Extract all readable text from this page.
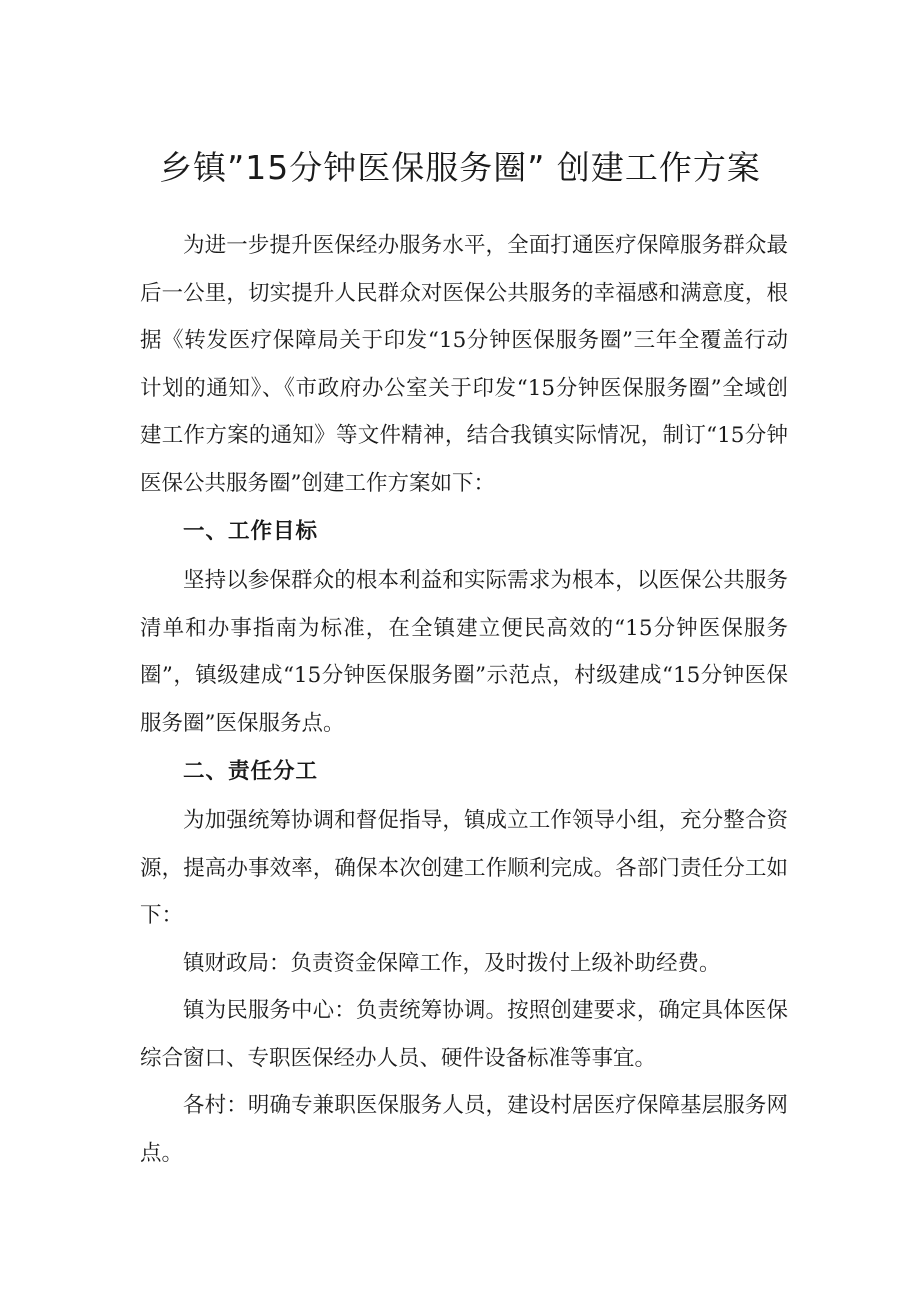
乡镇”15分钟医保服务圈” 创建工作方案

为进一步提升医保经办服务水平，全面打通医疗保障服务群众最后一公里，切实提升人民群众对医保公共服务的幸福感和满意度，根据《转发医疗保障局关于印发“15分钟医保服务圈”三年全覆盖行动计划的通知》、《市政府办公室关于印发“15分钟医保服务圈”全域创建工作方案的通知》等文件精神，结合我镇实际情况，制订“15分钟医保公共服务圈”创建工作方案如下：

一、工作目标

坚持以参保群众的根本利益和实际需求为根本，以医保公共服务清单和办事指南为标准，在全镇建立便民高效的“15分钟医保服务圈”，镇级建成“15分钟医保服务圈”示范点，村级建成“15分钟医保服务圈”医保服务点。

二、责任分工

为加强统筹协调和督促指导，镇成立工作领导小组，充分整合资源，提高办事效率，确保本次创建工作顺利完成。各部门责任分工如下：

镇财政局：负责资金保障工作，及时拨付上级补助经费。

镇为民服务中心：负责统筹协调。按照创建要求，确定具体医保综合窗口、专职医保经办人员、硬件设备标准等事宜。

各村：明确专兼职医保服务人员，建设村居医疗保障基层服务网点。
